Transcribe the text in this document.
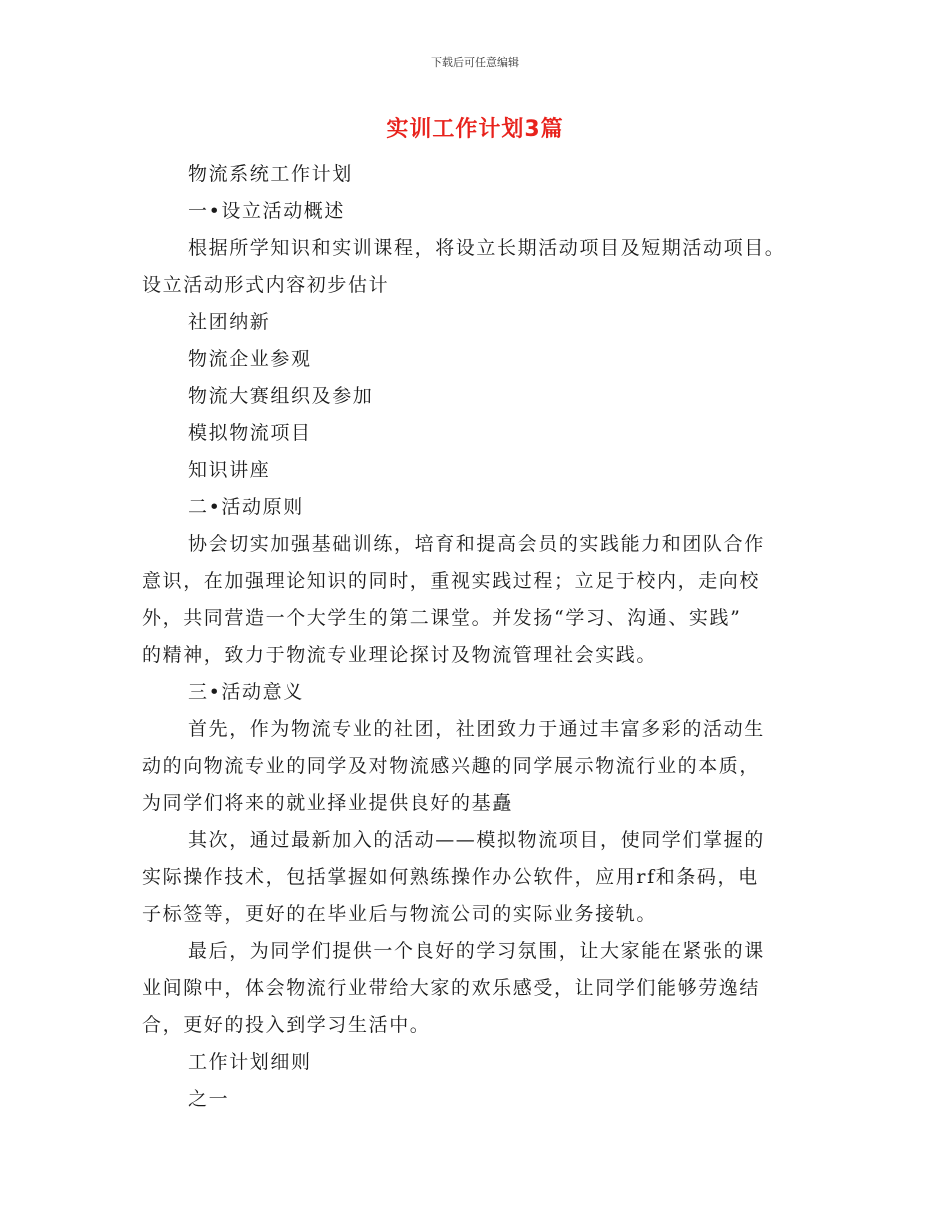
下载后可任意编辑
实训工作计划3篇

物流系统工作计划

一•设立活动概述

根据所学知识和实训课程，将设立长期活动项目及短期活动项目。

设立活动形式内容初步估计

社团纳新

物流企业参观

物流大赛组织及参加

模拟物流项目

知识讲座

二•活动原则

协会切实加强基础训练，培育和提高会员的实践能力和团队合作

意识，在加强理论知识的同时，重视实践过程；立足于校内，走向校

外，共同营造一个大学生的第二课堂。并发扬“学习、沟通、实践”

的精神，致力于物流专业理论探讨及物流管理社会实践。

三•活动意义

首先，作为物流专业的社团，社团致力于通过丰富多彩的活动生

动的向物流专业的同学及对物流感兴趣的同学展示物流行业的本质，

为同学们将来的就业择业提供良好的基矗

其次，通过最新加入的活动——模拟物流项目，使同学们掌握的

实际操作技术，包括掌握如何熟练操作办公软件，应用rf和条码，电

子标签等，更好的在毕业后与物流公司的实际业务接轨。

最后，为同学们提供一个良好的学习氛围，让大家能在紧张的课

业间隙中，体会物流行业带给大家的欢乐感受，让同学们能够劳逸结

合，更好的投入到学习生活中。

工作计划细则

之一
